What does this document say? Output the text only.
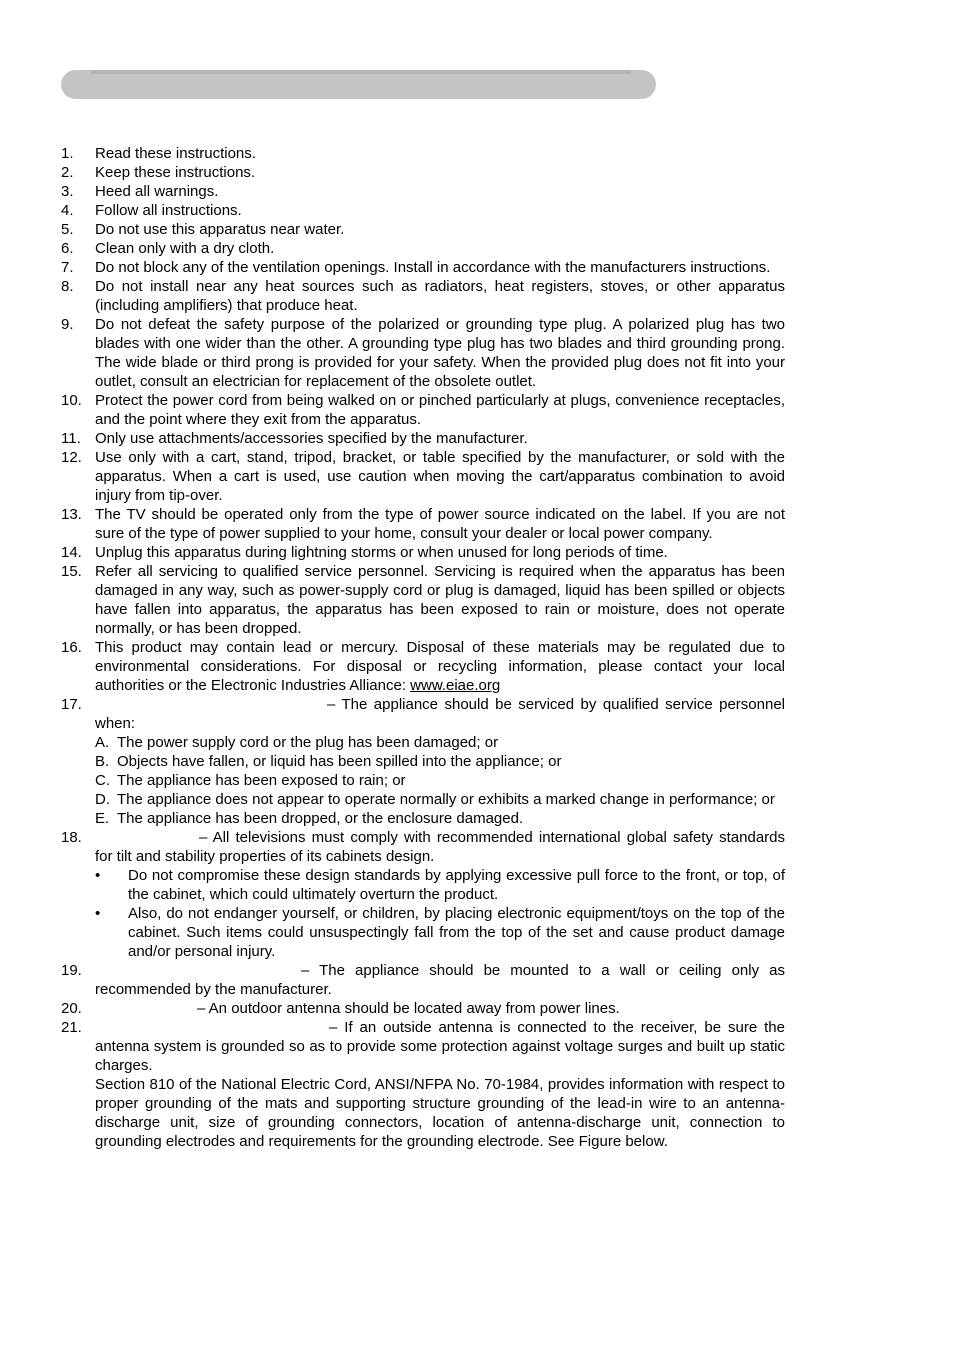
1. Read these instructions.
2. Keep these instructions.
3. Heed all warnings.
4. Follow all instructions.
5. Do not use this apparatus near water.
6. Clean only with a dry cloth.
7. Do not block any of the ventilation openings. Install in accordance with the manufacturers instructions.
8. Do not install near any heat sources such as radiators, heat registers, stoves, or other apparatus (including amplifiers) that produce heat.
9. Do not defeat the safety purpose of the polarized or grounding type plug. A polarized plug has two blades with one wider than the other. A grounding type plug has two blades and third grounding prong. The wide blade or third prong is provided for your safety. When the provided plug does not fit into your outlet, consult an electrician for replacement of the obsolete outlet.
10. Protect the power cord from being walked on or pinched particularly at plugs, convenience receptacles, and the point where they exit from the apparatus.
11. Only use attachments/accessories specified by the manufacturer.
12. Use only with a cart, stand, tripod, bracket, or table specified by the manufacturer, or sold with the apparatus. When a cart is used, use caution when moving the cart/apparatus combination to avoid injury from tip-over.
13. The TV should be operated only from the type of power source indicated on the label. If you are not sure of the type of power supplied to your home, consult your dealer or local power company.
14. Unplug this apparatus during lightning storms or when unused for long periods of time.
15. Refer all servicing to qualified service personnel. Servicing is required when the apparatus has been damaged in any way, such as power-supply cord or plug is damaged, liquid has been spilled or objects have fallen into apparatus, the apparatus has been exposed to rain or moisture, does not operate normally, or has been dropped.
16. This product may contain lead or mercury. Disposal of these materials may be regulated due to environmental considerations. For disposal or recycling information, please contact your local authorities or the Electronic Industries Alliance: www.eiae.org
17.	– The appliance should be serviced by qualified service personnel when:
A. The power supply cord or the plug has been damaged; or
B. Objects have fallen, or liquid has been spilled into the appliance; or
C. The appliance has been exposed to rain; or
D. The appliance does not appear to operate normally or exhibits a marked change in performance; or
E. The appliance has been dropped, or the enclosure damaged.
18.	– All televisions must comply with recommended international global safety standards for tilt and stability properties of its cabinets design.
• Do not compromise these design standards by applying excessive pull force to the front, or top, of the cabinet, which could ultimately overturn the product.
• Also, do not endanger yourself, or children, by placing electronic equipment/toys on the top of the cabinet. Such items could unsuspectingly fall from the top of the set and cause product damage and/or personal injury.
19.	– The appliance should be mounted to a wall or ceiling only as recommended by the manufacturer.
20.	– An outdoor antenna should be located away from power lines.
21.	– If an outside antenna is connected to the receiver, be sure the antenna system is grounded so as to provide some protection against voltage surges and built up static charges.
Section 810 of the National Electric Cord, ANSI/NFPA No. 70-1984, provides information with respect to proper grounding of the mats and supporting structure grounding of the lead-in wire to an antenna-discharge unit, size of grounding connectors, location of antenna-discharge unit, connection to grounding electrodes and requirements for the grounding electrode. See Figure below.
